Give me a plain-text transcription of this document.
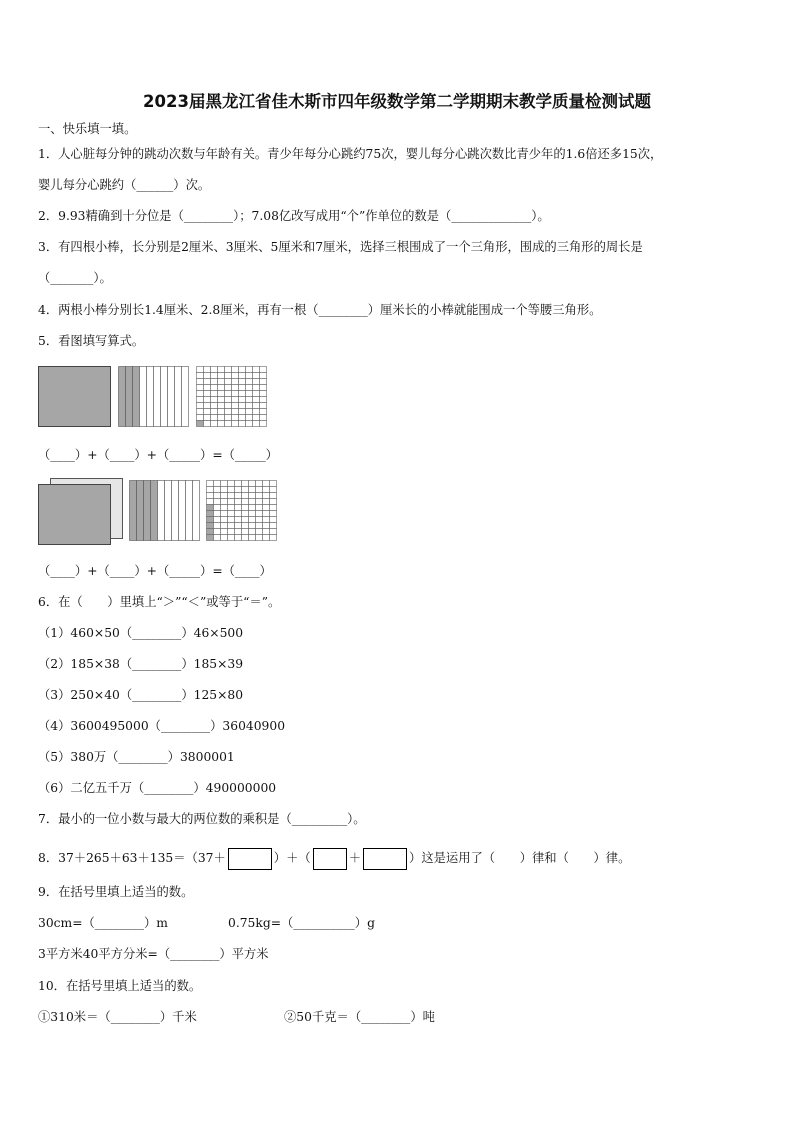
2023届黑龙江省佳木斯市四年级数学第二学期期末教学质量检测试题
一、快乐填一填。
1．人心脏每分钟的跳动次数与年龄有关。青少年每分心跳约75次，婴儿每分心跳次数比青少年的1.6倍还多15次，
婴儿每分心跳约（______）次。
2．9.93精确到十分位是（________）；7.08亿改写成用“个”作单位的数是（_____________）。
3．有四根小棒，长分别是2厘米、3厘米、5厘米和7厘米，选择三根围成了一个三角形，围成的三角形的周长是
（_______）。
4．两根小棒分别长1.4厘米、2.8厘米，再有一根（________）厘米长的小棒就能围成一个等腰三角形。
5．看图填写算式。
（____）+（____）+（_____）=（_____）
（____）+（____）+（_____）=（____）
6．在（　　）里填上“＞”“＜”或等于“＝”。
（1）460×50（________）46×500
（2）185×38（________）185×39
（3）250×40（________）125×80
（4）3600495000（________）36040900
（5）380万（________）3800001
（6）二亿五千万（________）490000000
7．最小的一位小数与最大的两位数的乘积是（_________）。
8．37＋265＋63＋135＝（37＋	）＋（	＋	）这是运用了（　　）律和（　　）律。
9．在括号里填上适当的数。
30cm=（________）m	0.75kg=（__________）g
3平方米40平方分米=（________）平方米
10．在括号里填上适当的数。
①310米＝（________）千米	②50千克＝（________）吨
